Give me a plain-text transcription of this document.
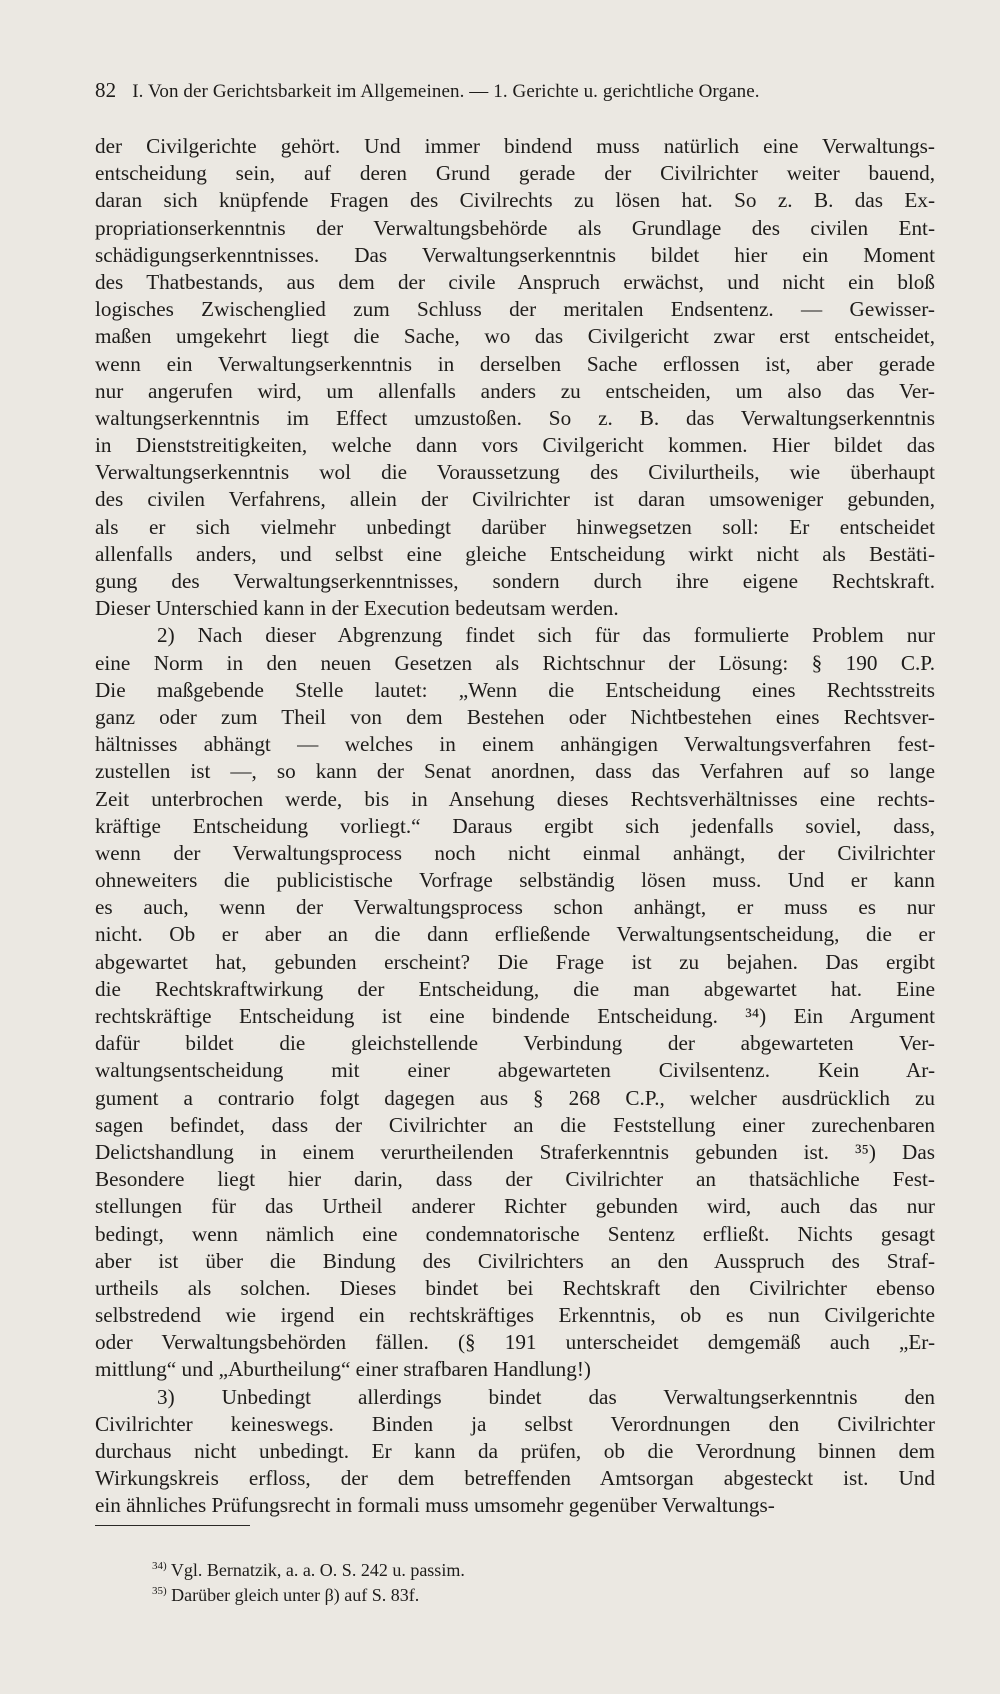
82 I. Von der Gerichtsbarkeit im Allgemeinen. — 1. Gerichte u. gerichtliche Organe.
der Civilgerichte gehört. Und immer bindend muss natürlich eine Verwaltungs-
entscheidung sein, auf deren Grund gerade der Civilrichter weiter bauend,
daran sich knüpfende Fragen des Civilrechts zu lösen hat. So z. B. das Ex-
propriationserkenntnis der Verwaltungsbehörde als Grundlage des civilen Ent-
schädigungserkenntnisses. Das Verwaltungserkenntnis bildet hier ein Moment
des Thatbestands, aus dem der civile Anspruch erwächst, und nicht ein bloß
logisches Zwischenglied zum Schluss der meritalen Endsentenz. — Gewisser-
maßen umgekehrt liegt die Sache, wo das Civilgericht zwar erst entscheidet,
wenn ein Verwaltungserkenntnis in derselben Sache erflossen ist, aber gerade
nur angerufen wird, um allenfalls anders zu entscheiden, um also das Ver-
waltungserkenntnis im Effect umzustoßen. So z. B. das Verwaltungserkenntnis
in Dienststreitigkeiten, welche dann vors Civilgericht kommen. Hier bildet das
Verwaltungserkenntnis wol die Voraussetzung des Civilurtheils, wie überhaupt
des civilen Verfahrens, allein der Civilrichter ist daran umsoweniger gebunden,
als er sich vielmehr unbedingt darüber hinwegsetzen soll: Er entscheidet
allenfalls anders, und selbst eine gleiche Entscheidung wirkt nicht als Bestäti-
gung des Verwaltungserkenntnisses, sondern durch ihre eigene Rechtskraft.
Dieser Unterschied kann in der Execution bedeutsam werden.
2) Nach dieser Abgrenzung findet sich für das formulierte Problem nur
eine Norm in den neuen Gesetzen als Richtschnur der Lösung: § 190 C.P.
Die maßgebende Stelle lautet: „Wenn die Entscheidung eines Rechtsstreits
ganz oder zum Theil von dem Bestehen oder Nichtbestehen eines Rechtsver-
hältnisses abhängt — welches in einem anhängigen Verwaltungsverfahren fest-
zustellen ist —, so kann der Senat anordnen, dass das Verfahren auf so lange
Zeit unterbrochen werde, bis in Ansehung dieses Rechtsverhältnisses eine rechts-
kräftige Entscheidung vorliegt.“ Daraus ergibt sich jedenfalls soviel, dass,
wenn der Verwaltungsprocess noch nicht einmal anhängt, der Civilrichter
ohneweiters die publicistische Vorfrage selbständig lösen muss. Und er kann
es auch, wenn der Verwaltungsprocess schon anhängt, er muss es nur
nicht. Ob er aber an die dann erfließende Verwaltungsentscheidung, die er
abgewartet hat, gebunden erscheint? Die Frage ist zu bejahen. Das ergibt
die Rechtskraftwirkung der Entscheidung, die man abgewartet hat. Eine
rechtskräftige Entscheidung ist eine bindende Entscheidung. ³⁴) Ein Argument
dafür bildet die gleichstellende Verbindung der abgewarteten Ver-
waltungsentscheidung mit einer abgewarteten Civilsentenz. Kein Ar-
gument a contrario folgt dagegen aus § 268 C.P., welcher ausdrücklich zu
sagen befindet, dass der Civilrichter an die Feststellung einer zurechenbaren
Delictshandlung in einem verurtheilenden Straferkenntnis gebunden ist. ³⁵) Das
Besondere liegt hier darin, dass der Civilrichter an thatsächliche Fest-
stellungen für das Urtheil anderer Richter gebunden wird, auch das nur
bedingt, wenn nämlich eine condemnatorische Sentenz erfließt. Nichts gesagt
aber ist über die Bindung des Civilrichters an den Ausspruch des Straf-
urtheils als solchen. Dieses bindet bei Rechtskraft den Civilrichter ebenso
selbstredend wie irgend ein rechtskräftiges Erkenntnis, ob es nun Civilgerichte
oder Verwaltungsbehörden fällen. (§ 191 unterscheidet demgemäß auch „Er-
mittlung“ und „Aburtheilung“ einer strafbaren Handlung!)
3) Unbedingt allerdings bindet das Verwaltungserkenntnis den
Civilrichter keineswegs. Binden ja selbst Verordnungen den Civilrichter
durchaus nicht unbedingt. Er kann da prüfen, ob die Verordnung binnen dem
Wirkungskreis erfloss, der dem betreffenden Amtsorgan abgesteckt ist. Und
ein ähnliches Prüfungsrecht in formali muss umsomehr gegenüber Verwaltungs-
$^{34)}$ Vgl. Bernatzik, a. a. O. S. 242 u. passim.
$^{35)}$ Darüber gleich unter β) auf S. 83f.
